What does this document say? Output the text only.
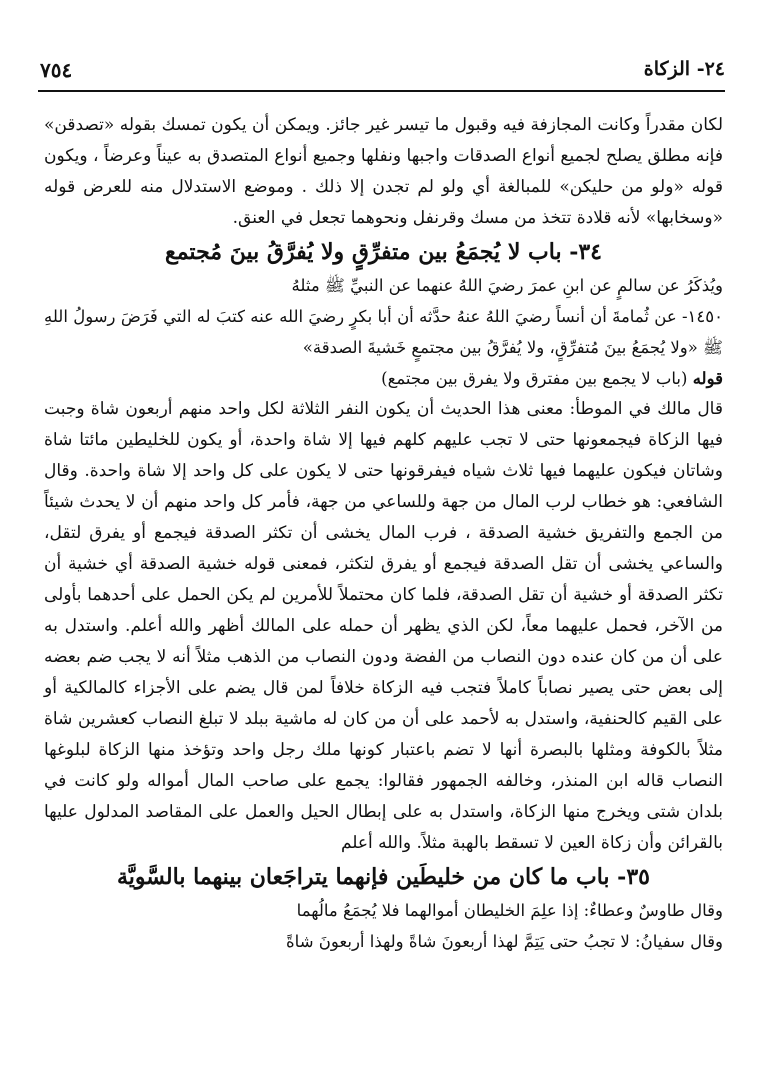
٧٥٤	٢٤- الزكاة

لكان مقدراً وكانت المجازفة فيه وقبول ما تيسر غير جائز. ويمكن أن يكون تمسك بقوله «تصدقن» فإنه مطلق يصلح لجميع أنواع الصدقات واجبها ونفلها وجميع أنواع المتصدق به عيناً وعرضاً ، ويكون قوله «ولو من حليكن» للمبالغة أي ولو لم تجدن إلا ذلك . وموضع الاستدلال منه للعرض قوله «وسخابها» لأنه قلادة تتخذ من مسك وقرنفل ونحوهما تجعل في العنق.

٣٤- باب لا يُجمَعُ بين متفرِّقٍ ولا يُفرَّقُ بينَ مُجتمع

ويُذكَرُ عن سالمٍ عن ابنِ عمرَ رضيَ اللهُ عنهما عن النبيِّ ﷺ مثلهُ

١٤٥٠- عن ثُمامةَ أن أنساً رضيَ اللهُ عنهُ حدَّثه أن أبا بكرٍ رضيَ الله عنه كتبَ له التي فَرَضَ رسولُ اللهِ ﷺ «ولا يُجمَعُ بينَ مُتفرِّقٍ، ولا يُفرَّقُ بين مجتمعٍ خَشيةَ الصدقة»

قوله (باب لا يجمع بين مفترق ولا يفرق بين مجتمع)

قال مالك في الموطأ: معنى هذا الحديث أن يكون النفر الثلاثة لكل واحد منهم أربعون شاة وجبت فيها الزكاة فيجمعونها حتى لا تجب عليهم كلهم فيها إلا شاة واحدة، أو يكون للخليطين مائتا شاة وشاتان فيكون عليهما فيها ثلاث شياه فيفرقونها حتى لا يكون على كل واحد إلا شاة واحدة. وقال الشافعي: هو خطاب لرب المال من جهة وللساعي من جهة، فأمر كل واحد منهم أن لا يحدث شيئاً من الجمع والتفريق خشية الصدقة ، فرب المال يخشى أن تكثر الصدقة فيجمع أو يفرق لتقل، والساعي يخشى أن تقل الصدقة فيجمع أو يفرق لتكثر، فمعنى قوله خشية الصدقة أي خشية أن تكثر الصدقة أو خشية أن تقل الصدقة، فلما كان محتملاً للأمرين لم يكن الحمل على أحدهما بأولى من الآخر، فحمل عليهما معاً، لكن الذي يظهر أن حمله على المالك أظهر والله أعلم. واستدل به على أن من كان عنده دون النصاب من الفضة ودون النصاب من الذهب مثلاً أنه لا يجب ضم بعضه إلى بعض حتى يصير نصاباً كاملاً فتجب فيه الزكاة خلافاً لمن قال يضم على الأجزاء كالمالكية أو على القيم كالحنفية، واستدل به لأحمد على أن من كان له ماشية ببلد لا تبلغ النصاب كعشرين شاة مثلاً بالكوفة ومثلها بالبصرة أنها لا تضم باعتبار كونها ملك رجل واحد وتؤخذ منها الزكاة لبلوغها النصاب قاله ابن المنذر، وخالفه الجمهور فقالوا: يجمع على صاحب المال أمواله ولو كانت في بلدان شتى ويخرج منها الزكاة، واستدل به على إبطال الحيل والعمل على المقاصد المدلول عليها بالقرائن وأن زكاة العين لا تسقط بالهبة مثلاً. والله أعلم

٣٥- باب ما كان من خليطَين فإنهما يتراجَعان بينهما بالسَّويَّة

وقال طاوسٌ وعطاءٌ: إذا علِمَ الخليطان أموالهما فلا يُجمَعُ مالُهما

وقال سفيانُ: لا تجبُ حتى يَتِمَّ لهذا أربعونَ شاةً ولهذا أربعونَ شاةً
